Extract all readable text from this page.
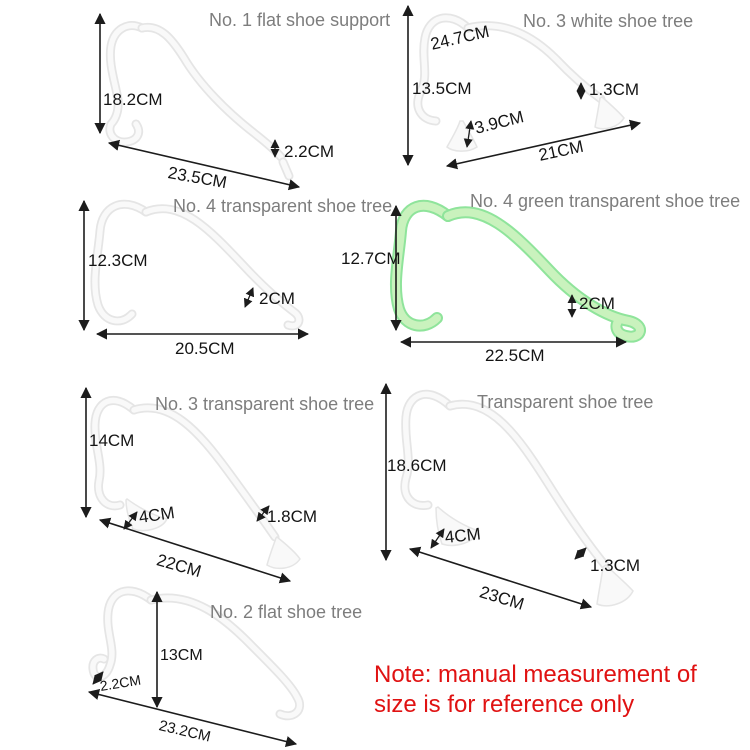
No. 1 flat shoe support	No. 3 white shoe tree
No. 4 transparent shoe tree	No. 4 green transparent shoe tree
No. 3 transparent shoe tree	Transparent shoe tree
No. 2 flat shoe tree
18.2CM
23.5CM
2.2CM
24.7CM
13.5CM	1.3CM
3.9CM
21CM
12.3CM
2CM
20.5CM
12.7CM
2CM
22.5CM
14CM
4CM	1.8CM
22CM
18.6CM
4CM
1.3CM
23CM
13CM
2.2CM
23.2CM
Note: manual measurement of
size is for reference only
